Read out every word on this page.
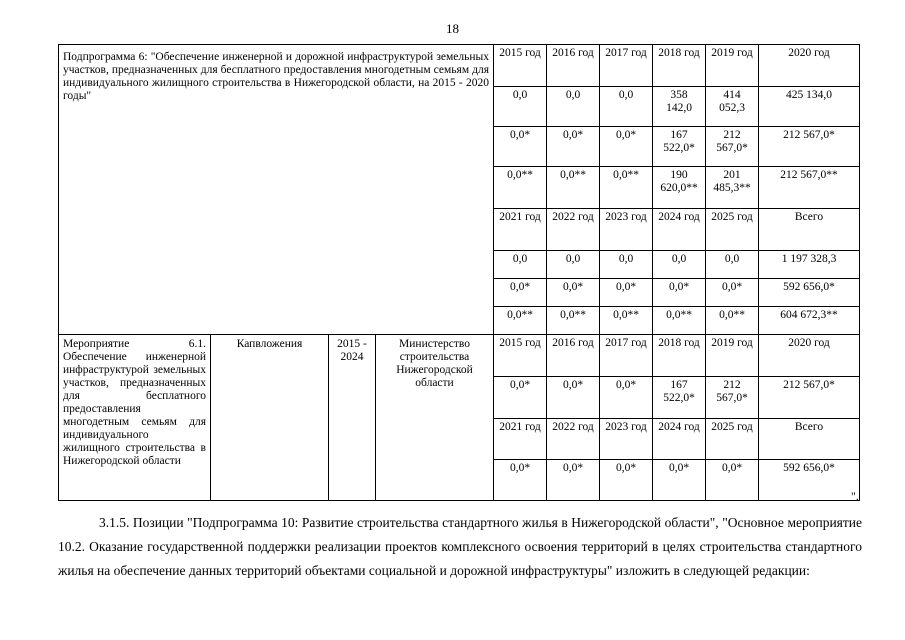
18
Подпрограмма 6: "Обеспечение инженерной и дорожной инфраструктурой земельных участков, предназначенных для бесплатного предоставления многодетным семьям для индивидуального жилищного строительства в Нижегородской области, на 2015 - 2020 годы"				2015 год	2016 год	2017 год	2018 год	2019 год	2020 год
				0,0	0,0	0,0	358 142,0	414 052,3	425 134,0
				0,0*	0,0*	0,0*	167 522,0*	212 567,0*	212 567,0*
				0,0**	0,0**	0,0**	190 620,0**	201 485,3**	212 567,0**
				2021 год	2022 год	2023 год	2024 год	2025 год	Всего
				0,0	0,0	0,0	0,0	0,0	1 197 328,3
				0,0*	0,0*	0,0*	0,0*	0,0*	592 656,0*
				0,0**	0,0**	0,0**	0,0**	0,0**	604 672,3**
Мероприятие 6.1. Обеспечение инженерной инфраструктурой земельных участков, предназначенных для бесплатного предоставления многодетным семьям для индивидуального жилищного строительства в Нижегородской области	Капвложения	2015 - 2024	Министерство строительства Нижегородской области	2015 год	2016 год	2017 год	2018 год	2019 год	2020 год
				0,0*	0,0*	0,0*	167 522,0*	212 567,0*	212 567,0*
				2021 год	2022 год	2023 год	2024 год	2025 год	Всего
				0,0*	0,0*	0,0*	0,0*	0,0*	592 656,0*
".
3.1.5. Позиции "Подпрограмма 10: Развитие строительства стандартного жилья в Нижегородской области", "Основное мероприятие 10.2. Оказание государственной поддержки реализации проектов комплексного освоения территорий в целях строительства стандартного жилья на обеспечение данных территорий объектами социальной и дорожной инфраструктуры" изложить в следующей редакции:
